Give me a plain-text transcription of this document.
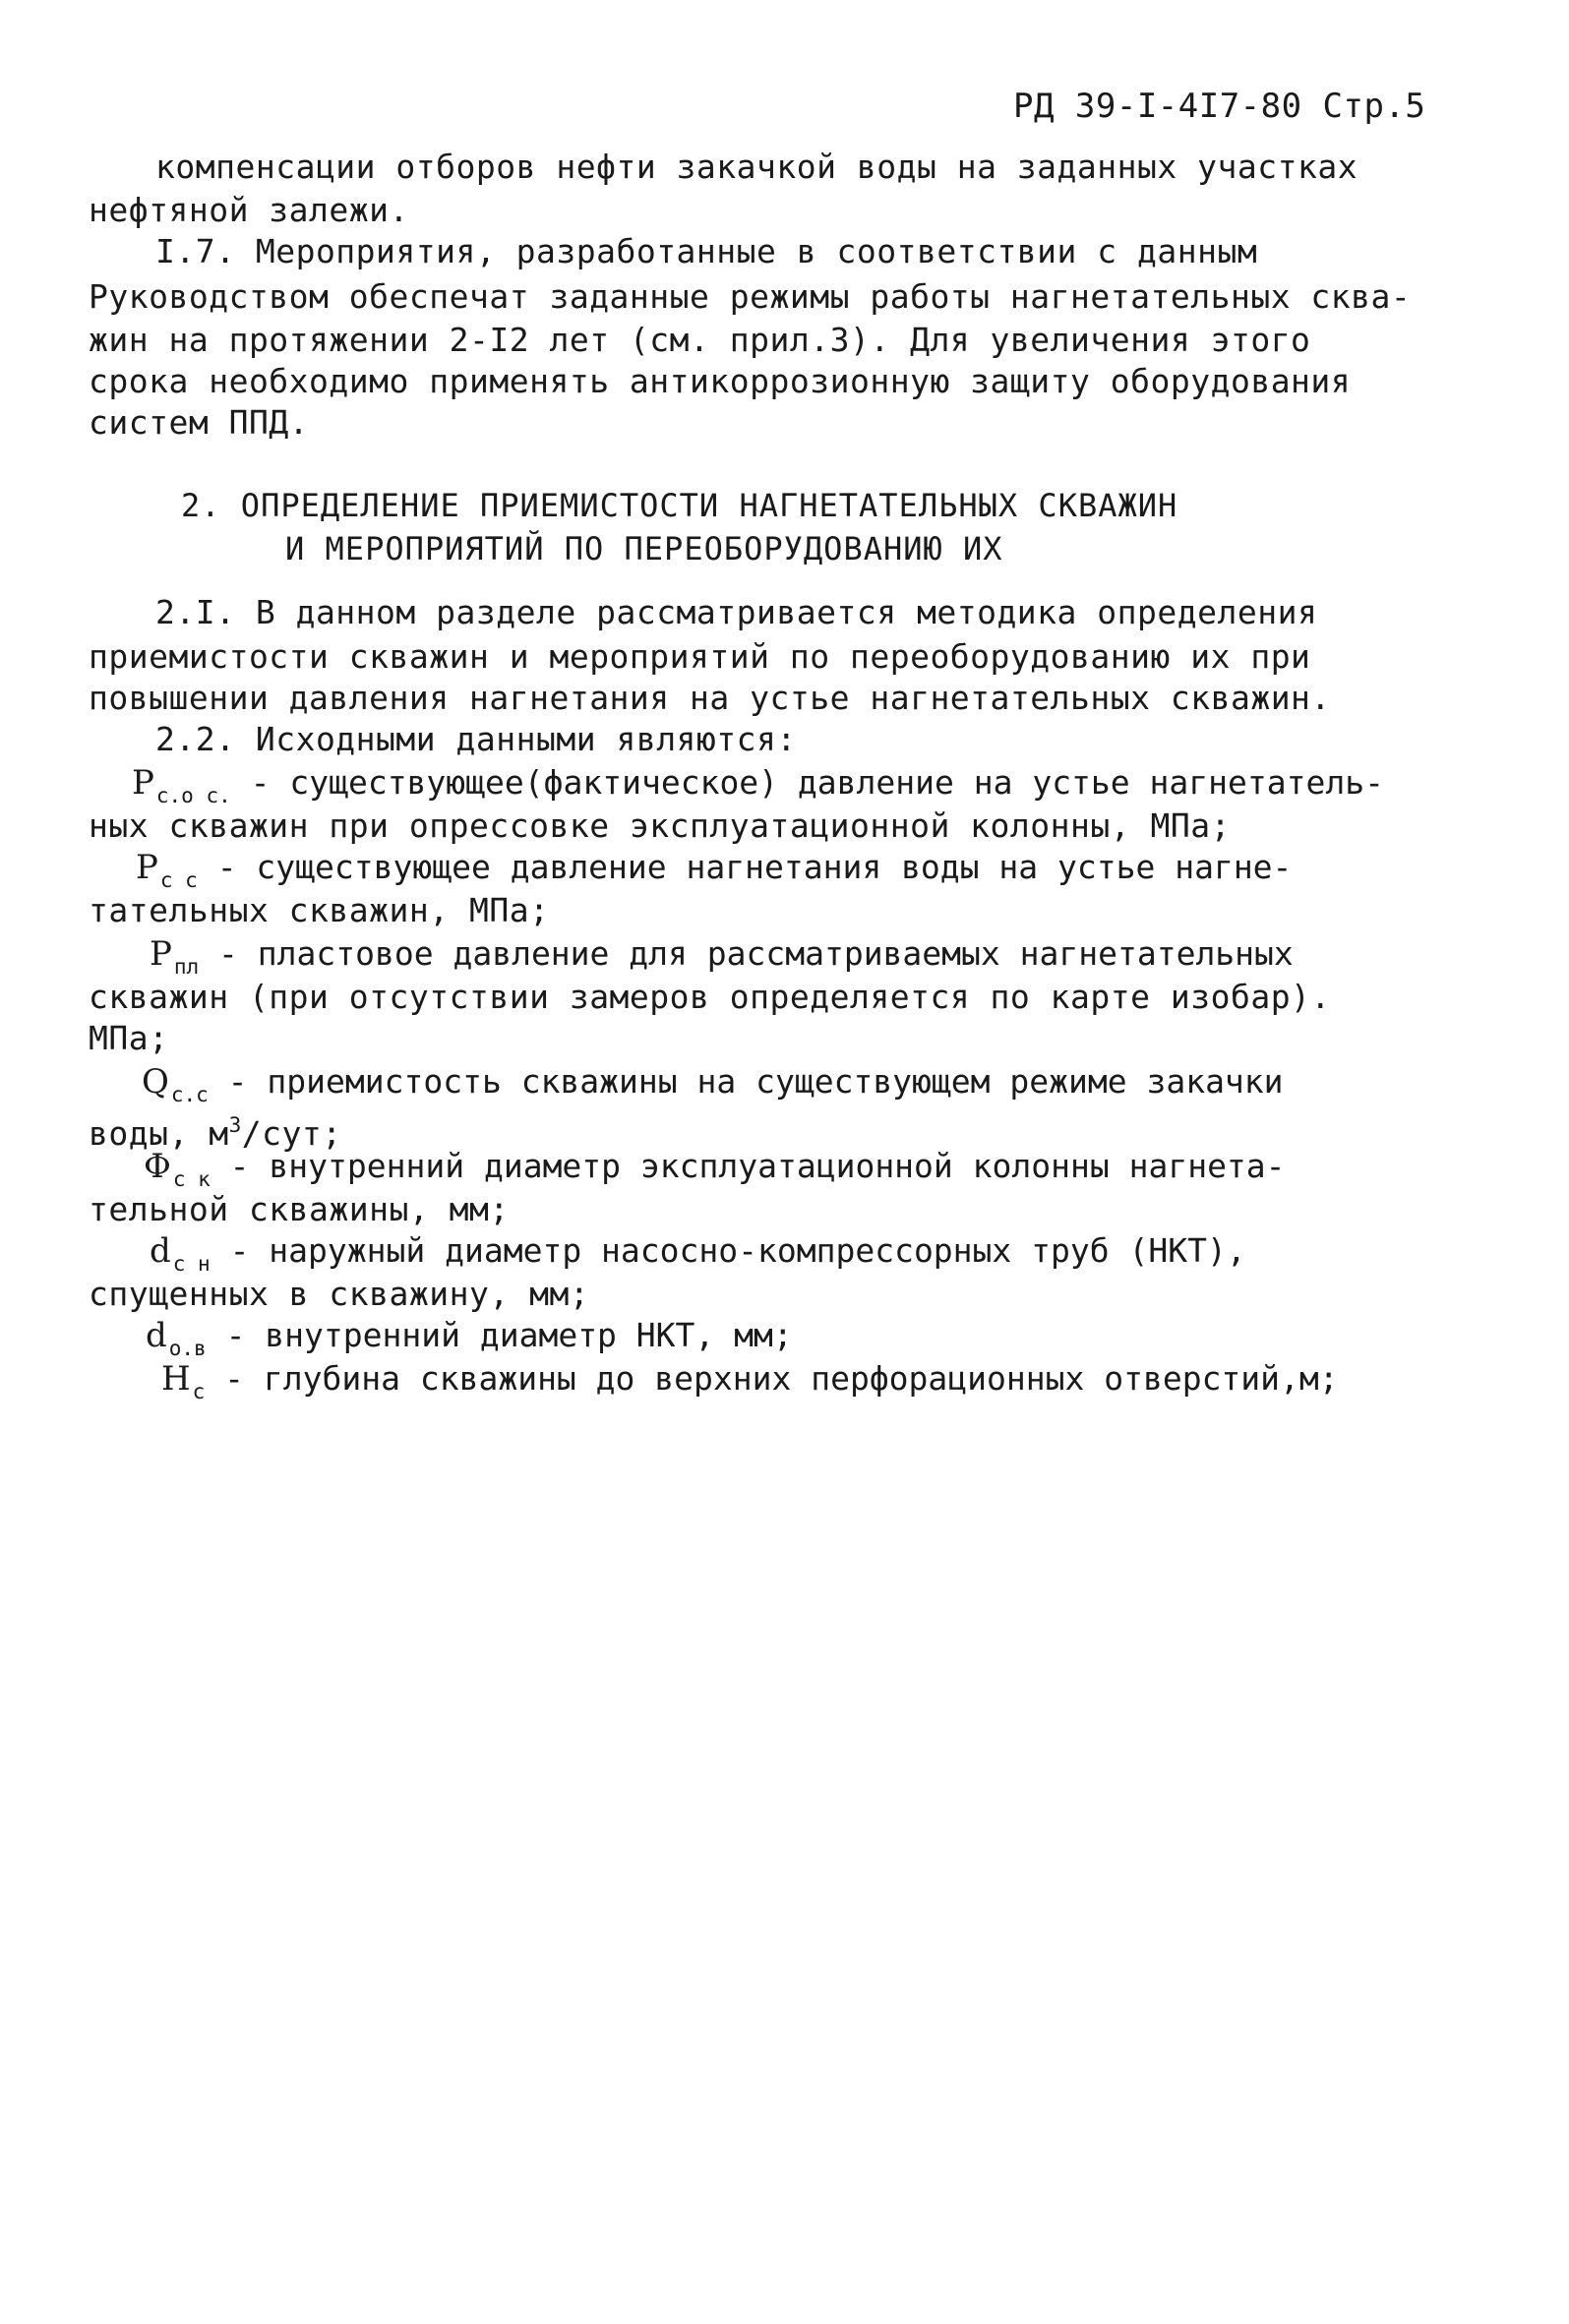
РД 39-I-4I7-80 Стр.5
компенсации отборов нефти закачкой воды на заданных участках
нефтяной залежи.
I.7. Мероприятия, разработанные в соответствии с данным
Руководством обеспечат заданные режимы работы нагнетательных сква-
жин на протяжении 2-I2 лет (см. прил.3). Для увеличения этого
срока необходимо применять антикоррозионную защиту оборудования
систем ППД.
2. ОПРЕДЕЛЕНИЕ ПРИЕМИСТОСТИ НАГНЕТАТЕЛЬНЫХ СКВАЖИН
И МЕРОПРИЯТИЙ ПО ПЕРЕОБОРУДОВАНИЮ ИХ
2.I. В данном разделе рассматривается методика определения
приемистости скважин и мероприятий по переоборудованию их при
повышении давления нагнетания на устье нагнетательных скважин.
2.2. Исходными данными являются:
$P_{с.о с.}$ - существующее(фактическое) давление на устье нагнетатель-
ных скважин при опрессовке эксплуатационной колонны, МПа;
$P_{с с}$ - существующее давление нагнетания воды на устье нагне-
тательных скважин, МПа;
$P_{пл}$ - пластовое давление для рассматриваемых нагнетательных
скважин (при отсутствии замеров определяется по карте изобар).
МПа;
$Q_{с.с}$ - приемистость скважины на существующем режиме закачки
воды, $м^3$/сут;
$\Phi_{с к}$ - внутренний диаметр эксплуатационной колонны нагнета-
тельной скважины, мм;
$d_{с н}$ - наружный диаметр насосно-компрессорных труб (НКТ),
спущенных в скважину, мм;
$d_{о.в}$ - внутренний диаметр НКТ, мм;
$H_с$ - глубина скважины до верхних перфорационных отверстий,м;
